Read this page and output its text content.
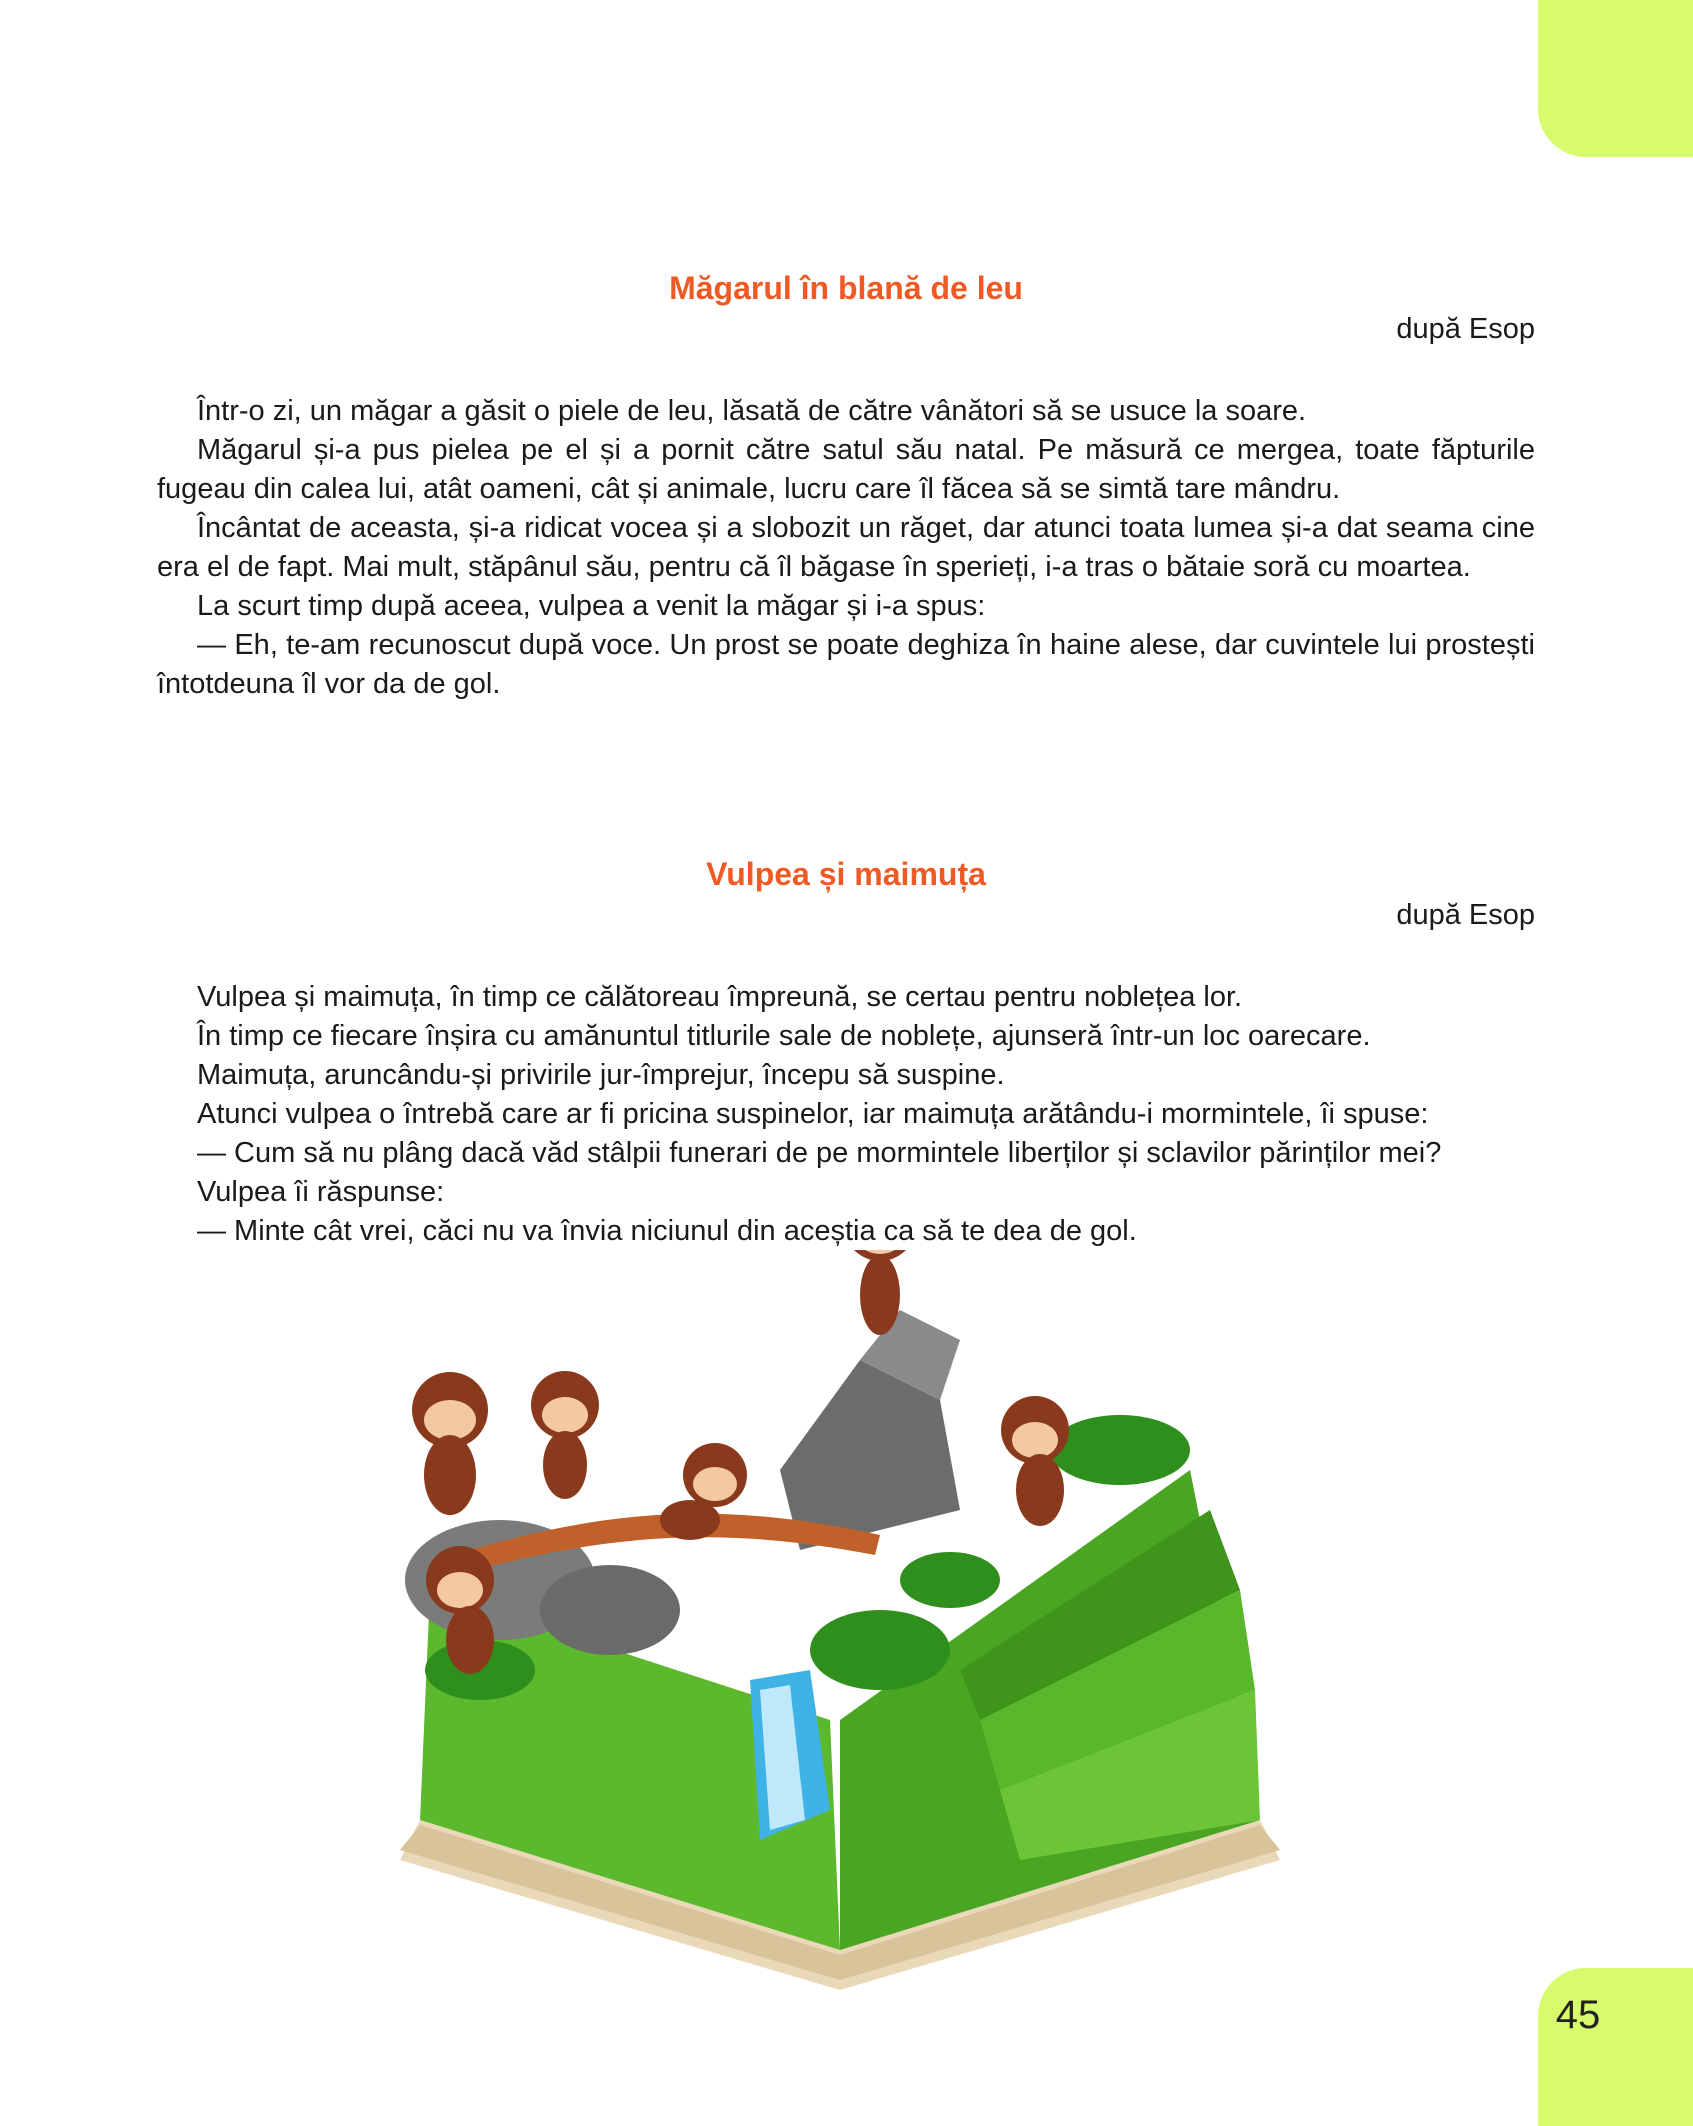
Măgarul în blană de leu
după Esop

Într-o zi, un măgar a găsit o piele de leu, lăsată de către vânători să se usuce la soare.

Măgarul și-a pus pielea pe el și a pornit către satul său natal. Pe măsură ce mergea, toate făpturile fugeau din calea lui, atât oameni, cât și animale, lucru care îl făcea să se simtă tare mândru.

Încântat de aceasta, și-a ridicat vocea și a slobozit un răget, dar atunci toata lumea și-a dat seama cine era el de fapt. Mai mult, stăpânul său, pentru că îl băgase în sperieți, i-a tras o bătaie soră cu moartea.

La scurt timp după aceea, vulpea a venit la măgar și i-a spus:

— Eh, te-am recunoscut după voce. Un prost se poate deghiza în haine alese, dar cuvintele lui prostești întotdeuna îl vor da de gol.

Vulpea și maimuța
după Esop

Vulpea și maimuța, în timp ce călătoreau împreună, se certau pentru noblețea lor.

În timp ce fiecare înșira cu amănuntul titlurile sale de noblețe, ajunseră într-un loc oarecare.

Maimuța, aruncându-și privirile jur-împrejur, începu să suspine.

Atunci vulpea o întrebă care ar fi pricina suspinelor, iar maimuța arătându-i mormintele, îi spuse:

— Cum să nu plâng dacă văd stâlpii funerari de pe mormintele liberților și sclavilor părinților mei?

Vulpea îi răspunse:

— Minte cât vrei, căci nu va învia niciunul din aceștia ca să te dea de gol.

45
